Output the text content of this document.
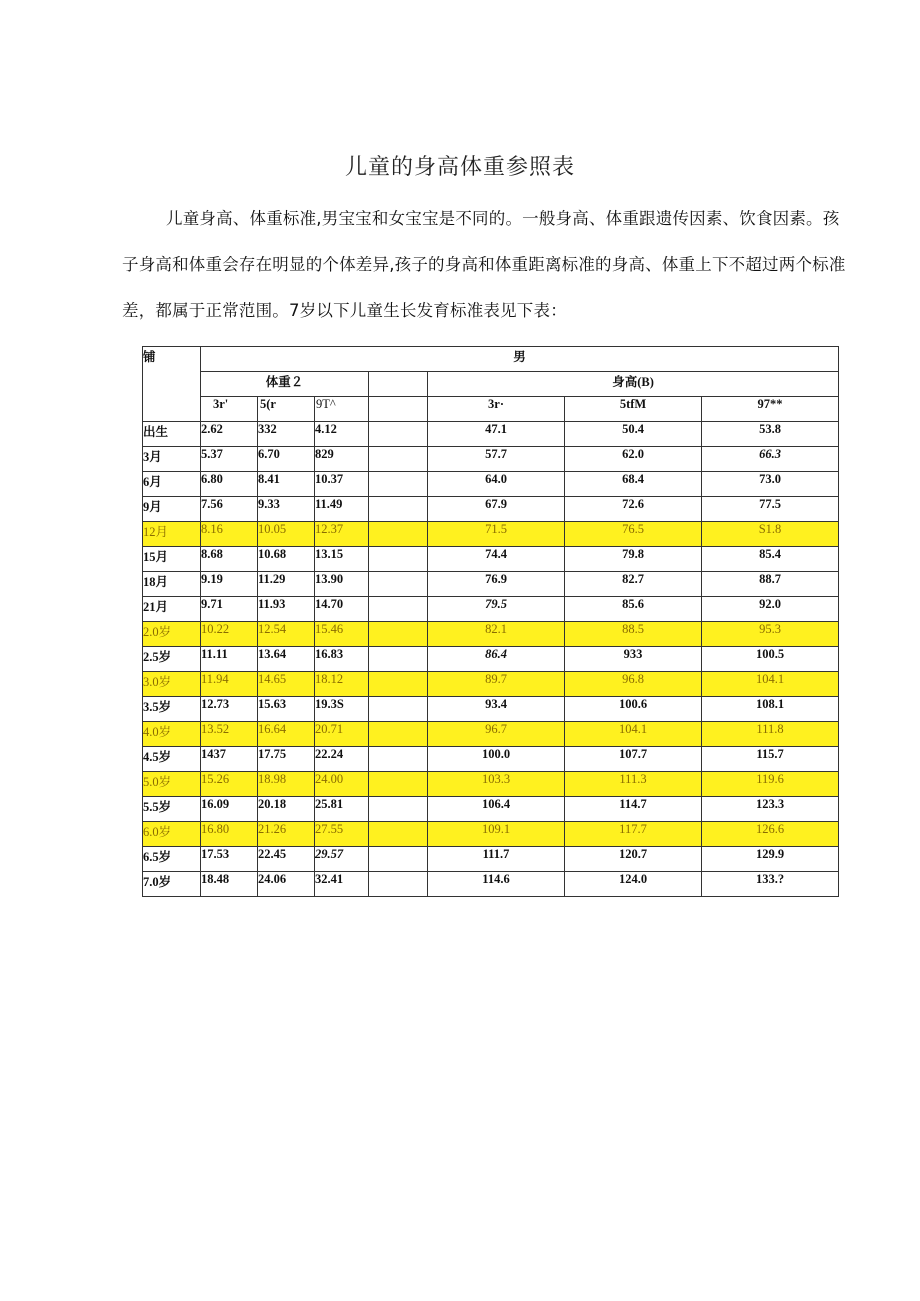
儿童的身高体重参照表
儿童身高、体重标准,男宝宝和女宝宝是不同的。一般身高、体重跟遗传因素、饮食因素。孩子身高和体重会存在明显的个体差异,孩子的身高和体重距离标准的身高、体重上下不超过两个标准差，都属于正常范围。7岁以下儿童生长发育标准表见下表：
铺	男						
	体重２				身高(B)		
	3r'	5(r	9T^		3r·	5tfM	97**
出生	2.62	332	4.12		47.1	50.4	53.8
3月	5.37	6.70	829		57.7	62.0	66.3
6月	6.80	8.41	10.37		64.0	68.4	73.0
9月	7.56	9.33	11.49		67.9	72.6	77.5
12月	8.16	10.05	12.37		71.5	76.5	S1.8
15月	8.68	10.68	13.15		74.4	79.8	85.4
18月	9.19	11.29	13.90		76.9	82.7	88.7
21月	9.71	11.93	14.70		79.5	85.6	92.0
2.0岁	10.22	12.54	15.46		82.1	88.5	95.3
2.5岁	11.11	13.64	16.83		86.4	933	100.5
3.0岁	11.94	14.65	18.12		89.7	96.8	104.1
3.5岁	12.73	15.63	19.3S		93.4	100.6	108.1
4.0岁	13.52	16.64	20.71		96.7	104.1	111.8
4.5岁	1437	17.75	22.24		100.0	107.7	115.7
5.0岁	15.26	18.98	24.00		103.3	111.3	119.6
5.5岁	16.09	20.18	25.81		106.4	114.7	123.3
6.0岁	16.80	21.26	27.55		109.1	117.7	126.6
6.5岁	17.53	22.45	29.57		111.7	120.7	129.9
7.0岁	18.48	24.06	32.41		114.6	124.0	133.?
